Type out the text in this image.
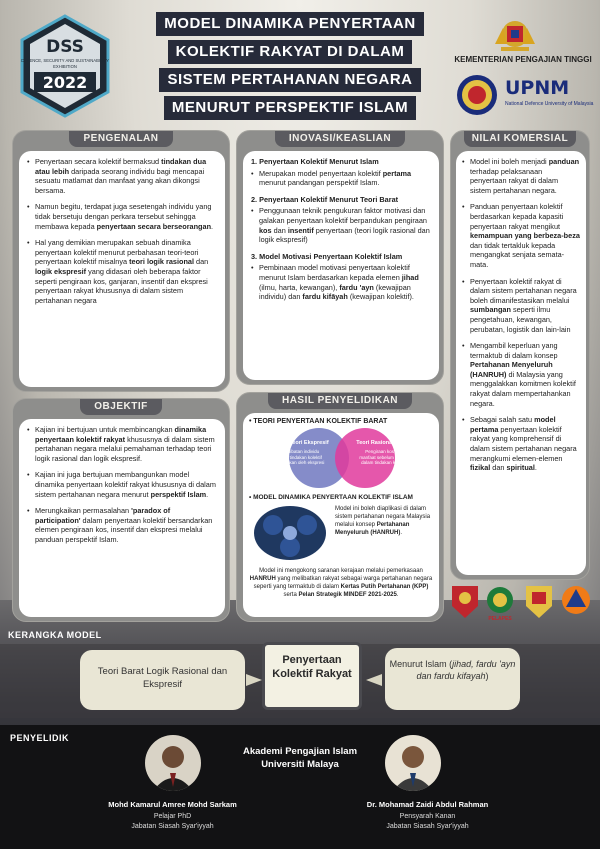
DSS
DEFENCE, SECURITY AND SUSTAINABILITY
EXHIBITION
2022
MODEL DINAMIKA PENYERTAAN
KOLEKTIF RAKYAT DI DALAM
SISTEM PERTAHANAN NEGARA
MENURUT PERSPEKTIF ISLAM
KEMENTERIAN PENGAJIAN TINGGI
UPNM
National Defence University of Malaysia
PENGENALAN
• Penyertaan secara kolektif bermaksud tindakan dua atau lebih daripada seorang individu bagi mencapai sesuatu matlamat dan manfaat yang akan dikongsi bersama.
• Namun begitu, terdapat juga sesetengah individu yang tidak bersetuju dengan perkara tersebut sehingga membawa kepada penyertaan secara berseorangan.
• Hal yang demikian merupakan sebuah dinamika penyertaan kolektif menurut perbahasan teori-teori penyertaan kolektif misalnya teori logik rasional dan logik ekspresif yang didasari oleh beberapa faktor seperti pengiraan kos, ganjaran, insentif dan ekspresi penyertaan rakyat khususnya di dalam sistem pertahanan negara
OBJEKTIF
• Kajian ini bertujuan untuk membincangkan dinamika penyertaan kolektif rakyat khususnya di dalam sistem pertahanan negara melalui pemahaman terhadap teori logik rasional dan logik ekspresif.
• Kajian ini juga bertujuan membangunkan model dinamika penyertaan kolektif rakyat khususnya di dalam sistem pertahanan negara menurut perspektif Islam.
• Merungkaikan permasalahan 'paradox of participation' dalam penyertaan kolektif bersandarkan elemen pengiraan kos, insentif dan ekspresi melalui panduan perspektif Islam.
INOVASI/KEASLIAN
1. Penyertaan Kolektif Menurut Islam
• Merupakan model penyertaan kolektif pertama menurut pandangan perspektif Islam.
2. Penyertaan Kolektif Menurut Teori Barat
• Penggunaan teknik pengukuran faktor motivasi dan galakan penyertaan kolektif berpandukan pengiraan kos dan insentif penyertaan (teori logik rasional dan logik ekspresif)
3. Model Motivasi Penyertaan Kolektif Islam
• Pembinaan model motivasi penyertaan kolektif menurut Islam berdasarkan kepada elemen jihad (ilmu, harta, kewangan), fardu 'ayn (kewajipan individu) dan fardu kifāyah (kewajipan kolektif).
HASIL PENYELIDIKAN
• TEORI PENYERTAAN KOLEKTIF BARAT
Teori Ekspresif	Teori Rasional
Penglibatan individu dalam tindakan kolektif disebabkan oleh ekspresi
Pengiraan kos dan manfaat sebelum terlibat dalam tindakan kolektif
• MODEL DINAMIKA PENYERTAAN KOLEKTIF ISLAM
Model ini boleh diaplikasi di dalam sistem pertahanan negara Malaysia melalui konsep Pertahanan Menyeluruh (HANRUH).
Model ini mengokong saranan kerajaan melalui pemerkasaan HANRUH yang melibatkan rakyat sebagai warga pertahanan negara seperti yang termaktub di dalam Kertas Putih Pertahanan (KPP) serta Pelan Strategik MINDEF 2021-2025.
NILAI KOMERSIAL
• Model ini boleh menjadi panduan terhadap pelaksanaan penyertaan rakyat di dalam sistem pertahanan negara.
• Panduan penyertaan kolektif berdasarkan kepada kapasiti penyertaan rakyat mengikut kemampuan yang berbeza-beza dan tidak tertakluk kepada mengangkat senjata semata-mata.
• Penyertaan kolektif rakyat di dalam sistem pertahanan negara boleh dimanifestasikan melalui sumbangan seperti ilmu pengetahuan, kewangan, perubatan, logistik dan lain-lain
• Mengambil keperluan yang termaktub di dalam konsep Pertahanan Menyeluruh (HANRUH) di Malaysia yang menggalakkan komitmen kolektif rakyat dalam mempertahankan negara.
• Sebagai salah satu model pertama penyertaan kolektif rakyat yang komprehensif di dalam sistem pertahanan negara merangkumi elemen-elemen fizikal dan spiritual.
PELAPES
KERANGKA MODEL
Teori Barat Logik Rasional dan Ekspresif
Penyertaan Kolektif Rakyat
Menurut Islam (jihad, fardu 'ayn dan fardu kifayah)
PENYELIDIK
Mohd Kamarul Amree Mohd Sarkam
Pelajar PhD
Jabatan Siasah Syar'iyyah
Akademi Pengajian Islam
Universiti Malaya
Dr. Mohamad Zaidi Abdul Rahman
Pensyarah Kanan
Jabatan Siasah Syar'iyyah
